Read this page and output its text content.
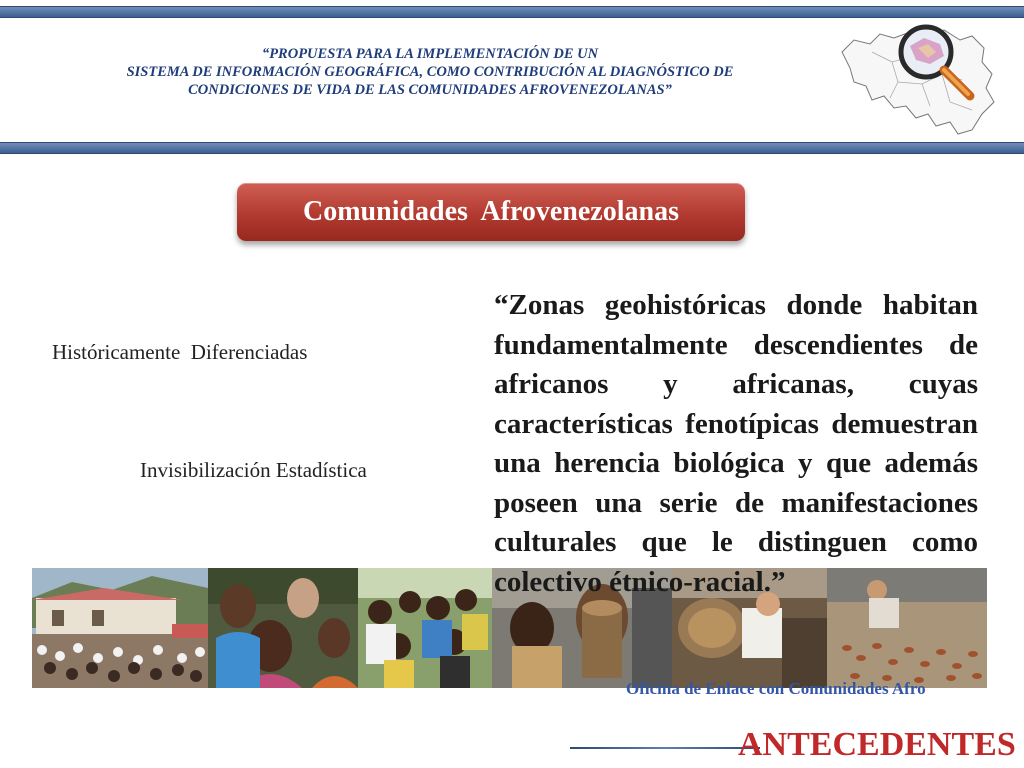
“PROPUESTA PARA LA IMPLEMENTACIÓN DE UN
SISTEMA DE INFORMACIÓN GEOGRÁFICA, COMO CONTRIBUCIÓN AL DIAGNÓSTICO DE
CONDICIONES DE VIDA DE LAS COMUNIDADES AFROVENEZOLANAS”
Comunidades  Afrovenezolanas
Históricamente  Diferenciadas
Invisibilización Estadística
“Zonas geohistóricas donde habitan fundamentalmente descendientes de africanos y africanas, cuyas características fenotípicas demuestran una herencia biológica y que además poseen una serie de manifestaciones culturales que le distinguen como colectivo étnico-racial.”
Oficina de Enlace con Comunidades Afro
ANTECEDENTES
